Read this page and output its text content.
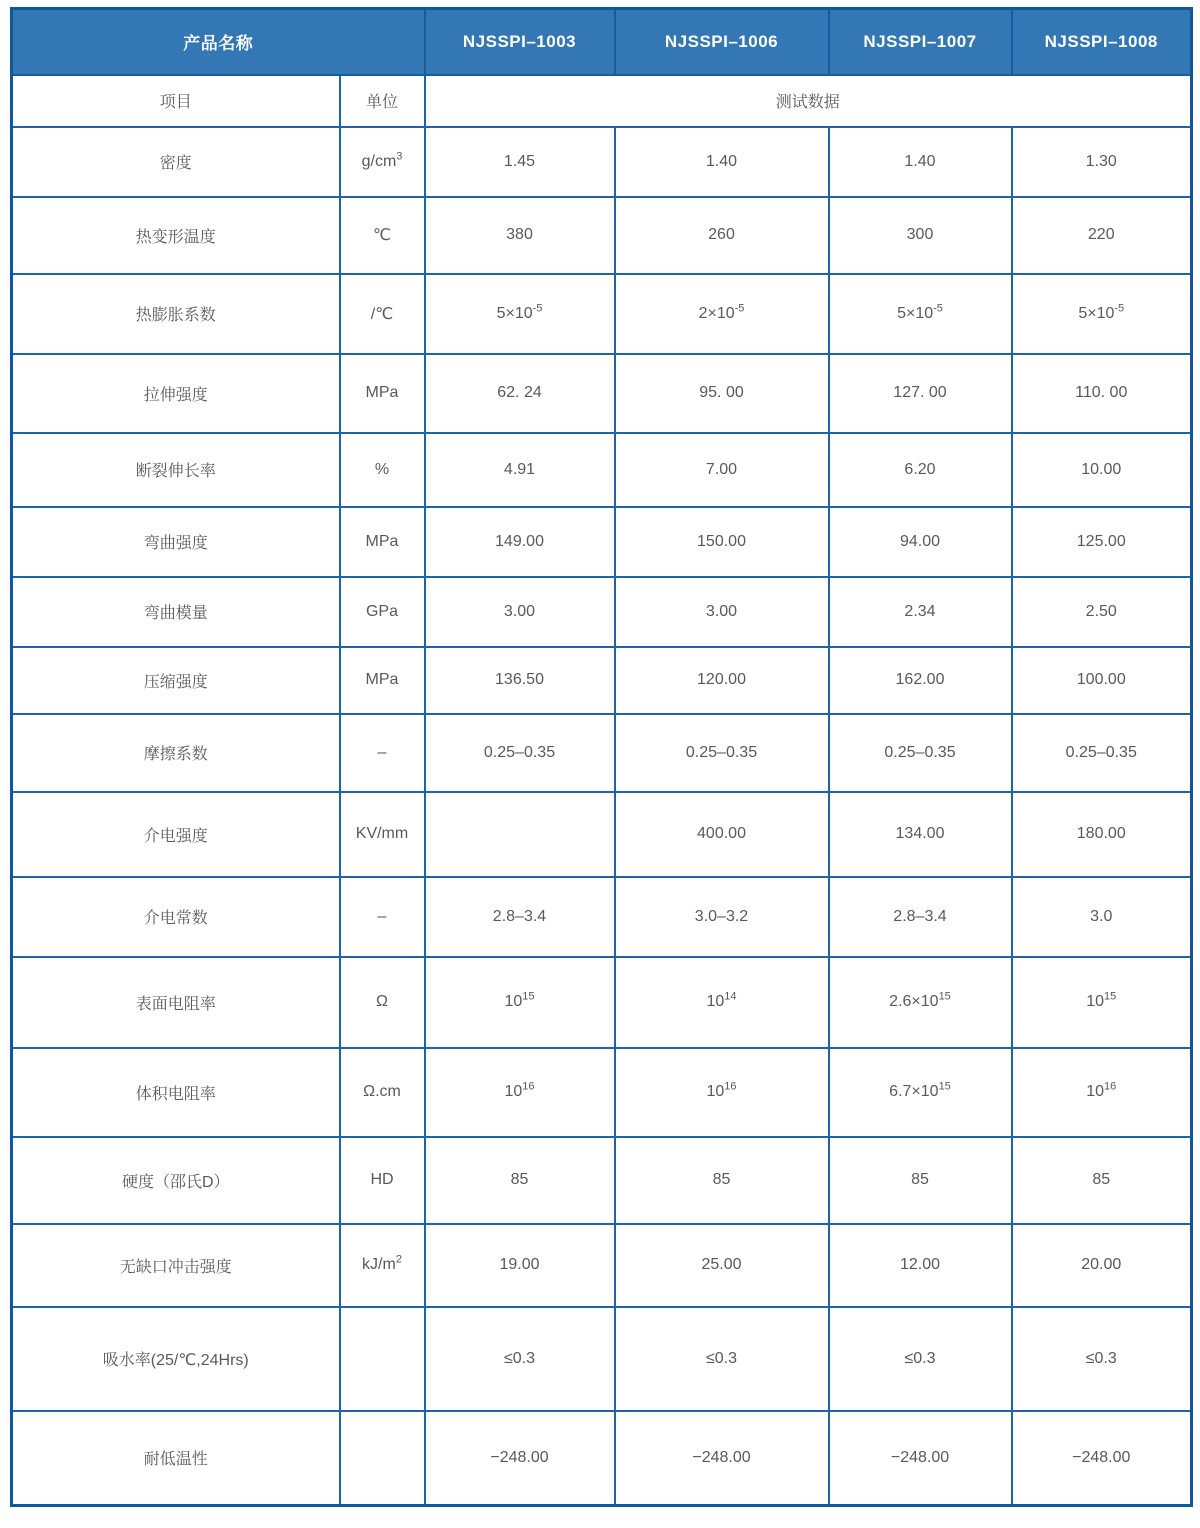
产品名称		NJSSPI–1003	NJSSPI–1006	NJSSPI–1007	NJSSPI–1008
项目	单位	测试数据			
密度	$g/cm^3$	1.45	1.40	1.40	1.30
热变形温度	℃	380	260	300	220
热膨胀系数	/℃	$5\times 10^{-5}$	$2\times 10^{-5}$	$5\times 10^{-5}$	$5\times 10^{-5}$
拉伸强度	MPa	62. 24	95. 00	127. 00	110. 00
断裂伸长率	%	4.91	7.00	6.20	10.00
弯曲强度	MPa	149.00	150.00	94.00	125.00
弯曲模量	GPa	3.00	3.00	2.34	2.50
压缩强度	MPa	136.50	120.00	162.00	100.00
摩擦系数	–	0.25–0.35	0.25–0.35	0.25–0.35	0.25–0.35
介电强度	KV/mm		400.00	134.00	180.00
介电常数	–	2.8–3.4	3.0–3.2	2.8–3.4	3.0
表面电阻率	Ω	$10^{15}$	$10^{14}$	$2.6\times 10^{15}$	$10^{15}$
体积电阻率	Ω.cm	$10^{16}$	$10^{16}$	$6.7\times 10^{15}$	$10^{16}$
硬度（邵氏D）	HD	85	85	85	85
无缺口冲击强度	$kJ/m^2$	19.00	25.00	12.00	20.00
吸水率(25/℃,24Hrs)		≤0.3	≤0.3	≤0.3	≤0.3
耐低温性		−248.00	−248.00	−248.00	−248.00
